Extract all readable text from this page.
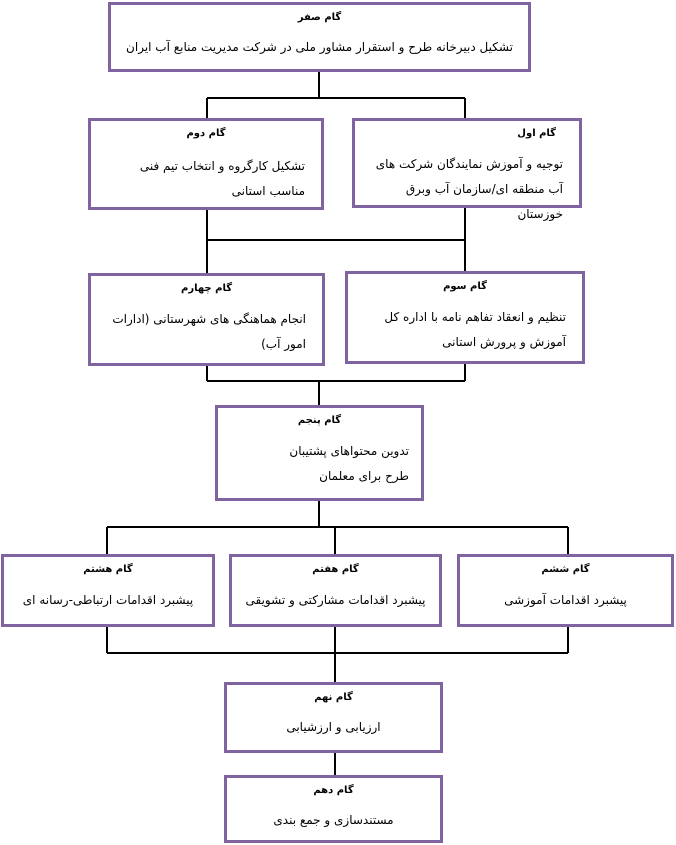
گام صفر
تشکیل دبیرخانه طرح و استقرار مشاور ملی در شرکت مدیریت منابع آب ایران
گام اول
توجیه و آموزش نمایندگان شرکت های آب منطقه ای/سازمان آب وبرق خوزستان
گام دوم
تشکیل کارگروه و انتخاب تیم فنی مناسب استانی
گام سوم
تنظیم و انعقاد تفاهم نامه با اداره کل آموزش و پرورش استانی
گام چهارم
انجام هماهنگی های شهرستانی (ادارات امور آب)
گام پنجم
تدوین محتواهای پشتیبان طرح برای معلمان
گام ششم
پیشبرد اقدامات آموزشی
گام هفتم
پیشبرد اقدامات مشارکتی و تشویقی
گام هشتم
پیشبرد اقدامات ارتباطی-رسانه ای
گام نهم
ارزیابی و ارزشیابی
گام دهم
مستندسازی و جمع بندی
